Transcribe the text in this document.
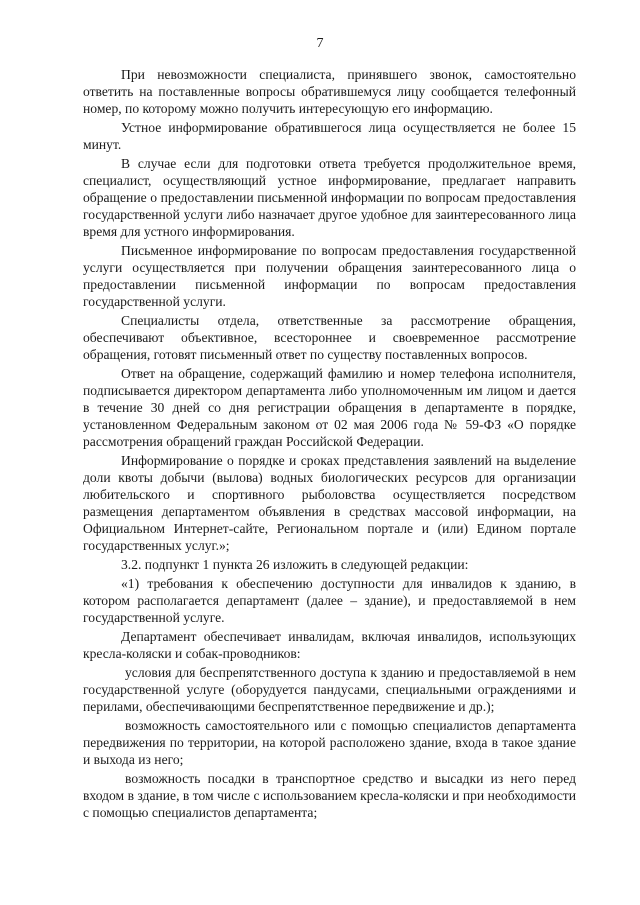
7

При невозможности специалиста, принявшего звонок, самостоятельно ответить на поставленные вопросы обратившемуся лицу сообщается телефонный номер, по которому можно получить интересующую его информацию.

Устное информирование обратившегося лица осуществляется не более 15 минут.

В случае если для подготовки ответа требуется продолжительное время, специалист, осуществляющий устное информирование, предлагает направить обращение о предоставлении письменной информации по вопросам предоставления государственной услуги либо назначает другое удобное для заинтересованного лица время для устного информирования.

Письменное информирование по вопросам предоставления государственной услуги осуществляется при получении обращения заинтересованного лица о предоставлении письменной информации по вопросам предоставления государственной услуги.

Специалисты отдела, ответственные за рассмотрение обращения, обеспечивают объективное, всестороннее и своевременное рассмотрение обращения, готовят письменный ответ по существу поставленных вопросов.

Ответ на обращение, содержащий фамилию и номер телефона исполнителя, подписывается директором департамента либо уполномоченным им лицом и дается в течение 30 дней со дня регистрации обращения в департаменте в порядке, установленном Федеральным законом от 02 мая 2006 года № 59-ФЗ «О порядке рассмотрения обращений граждан Российской Федерации.

Информирование о порядке и сроках представления заявлений на выделение доли квоты добычи (вылова) водных биологических ресурсов для организации любительского и спортивного рыболовства осуществляется посредством размещения департаментом объявления в средствах массовой информации, на Официальном Интернет-сайте, Региональном портале и (или) Едином портале государственных услуг.»;

3.2. подпункт 1 пункта 26 изложить в следующей редакции:

«1) требования к обеспечению доступности для инвалидов к зданию, в котором располагается департамент (далее – здание), и предоставляемой в нем государственной услуге.

Департамент обеспечивает инвалидам, включая инвалидов, использующих кресла-коляски и собак-проводников:

условия для беспрепятственного доступа к зданию и предоставляемой в нем государственной услуге (оборудуется пандусами, специальными ограждениями и перилами, обеспечивающими беспрепятственное передвижение и др.);

возможность самостоятельного или с помощью специалистов департамента передвижения по территории, на которой расположено здание, входа в такое здание и выхода из него;

возможность посадки в транспортное средство и высадки из него перед входом в здание, в том числе с использованием кресла-коляски и при необходимости с помощью специалистов департамента;
